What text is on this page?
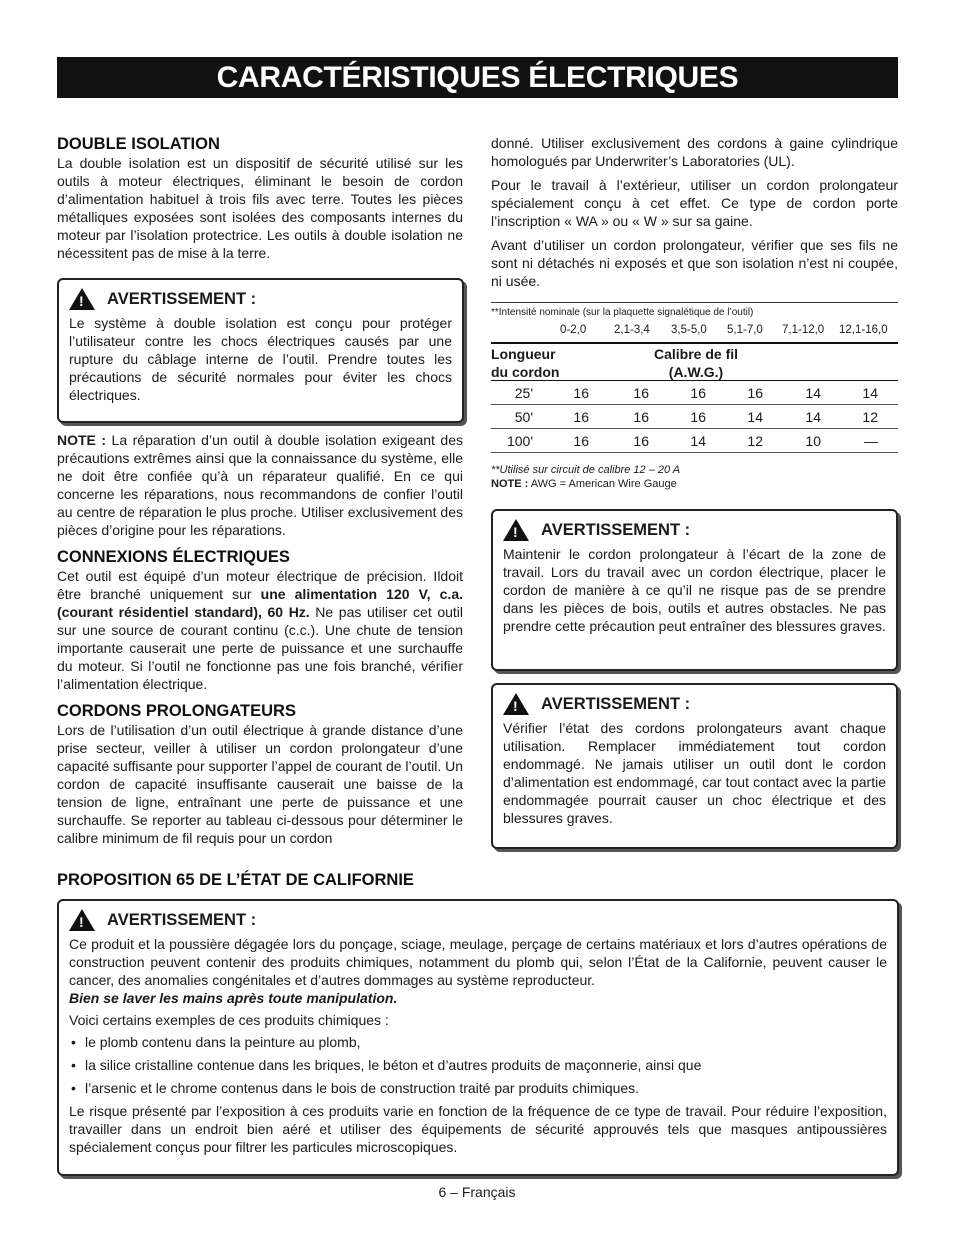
CARACTÉRISTIQUES ÉLECTRIQUES
DOUBLE ISOLATION

La double isolation est un dispositif de sécurité utilisé sur les outils à moteur électriques, éliminant le besoin de cordon d’alimentation habituel à trois fils avec terre. Toutes les pièces métalliques exposées sont isolées des composants internes du moteur par l’isolation protectrice. Les outils à double isolation ne nécessitent pas de mise à la terre.

! AVERTISSEMENT :

Le système à double isolation est conçu pour protéger l’utilisateur contre les chocs électriques causés par une rupture du câblage interne de l’outil. Prendre toutes les précautions de sécurité normales pour éviter les chocs électriques.

NOTE : La réparation d’un outil à double isolation exigeant des précautions extrêmes ainsi que la connaissance du système, elle ne doit être confiée qu’à un réparateur qualifié. En ce qui concerne les réparations, nous recommandons de confier l’outil au centre de réparation le plus proche. Utiliser exclusivement des pièces d’origine pour les réparations.

CONNEXIONS ÉLECTRIQUES

Cet outil est équipé d’un moteur électrique de précision. Ildoit être branché uniquement sur une alimentation 120 V, c.a. (courant résidentiel standard), 60 Hz. Ne pas utiliser cet outil sur une source de courant continu (c.c.). Une chute de tension importante causerait une perte de puissance et une surchauffe du moteur. Si l’outil ne fonctionne pas une fois branché, vérifier l’alimentation électrique.

CORDONS PROLONGATEURS

Lors de l’utilisation d’un outil électrique à grande distance d’une prise secteur, veiller à utiliser un cordon prolongateur d’une capacité suffisante pour supporter l’appel de courant de l’outil. Un cordon de capacité insuffisante causerait une baisse de la tension de ligne, entraînant une perte de puissance et une surchauffe. Se reporter au tableau ci-dessous pour déterminer le calibre minimum de fil requis pour un cordon

donné. Utiliser exclusivement des cordons à gaine cylindrique homologués par Underwriter’s Laboratories (UL).

Pour le travail à l’extérieur, utiliser un cordon prolongateur spécialement conçu à cet effet. Ce type de cordon porte l’inscription « WA » ou « W » sur sa gaine.

Avant d’utiliser un cordon prolongateur, vérifier que ses fils ne sont ni détachés ni exposés et que son isolation n’est ni coupée, ni usée.

**Intensité nominale (sur la plaquette signalétique de l’outil)
0-2,0 2,1-3,4 3,5-5,0 5,1-7,0 7,1-12,0 12,1-16,0
Longueur
du cordon
Calibre de fil
(A.W.G.)
25'	16	16	16	16	14	14
50'	16	16	16	14	14	12
100'	16	16	14	12	10	—
**Utilisé sur circuit de calibre 12 – 20 A
NOTE : AWG = American Wire Gauge
! AVERTISSEMENT :

Maintenir le cordon prolongateur à l’écart de la zone de travail. Lors du travail avec un cordon électrique, placer le cordon de manière à ce qu’il ne risque pas de se prendre dans les pièces de bois, outils et autres obstacles. Ne pas prendre cette précaution peut entraîner des blessures graves.

! AVERTISSEMENT :

Vérifier l’état des cordons prolongateurs avant chaque utilisation. Remplacer immédiatement tout cordon endommagé. Ne jamais utiliser un outil dont le cordon d’alimentation est endommagé, car tout contact avec la partie endommagée pourrait causer un choc électrique et des blessures graves.

PROPOSITION 65 DE L’ÉTAT DE CALIFORNIE
! AVERTISSEMENT :

Ce produit et la poussière dégagée lors du ponçage, sciage, meulage, perçage de certains matériaux et lors d’autres opérations de construction peuvent contenir des produits chimiques, notamment du plomb qui, selon l’État de la Californie, peuvent causer le cancer, des anomalies congénitales et d’autres dommages au système reproducteur.

Bien se laver les mains après toute manipulation.

Voici certains exemples de ces produits chimiques :

• le plomb contenu dans la peinture au plomb,
• la silice cristalline contenue dans les briques, le béton et d’autres produits de maçonnerie, ainsi que
• l’arsenic et le chrome contenus dans le bois de construction traité par produits chimiques.

Le risque présenté par l’exposition à ces produits varie en fonction de la fréquence de ce type de travail. Pour réduire l’exposition, travailler dans un endroit bien aéré et utiliser des équipements de sécurité approuvés tels que masques antipoussières spécialement conçus pour filtrer les particules microscopiques.

6 – Français
